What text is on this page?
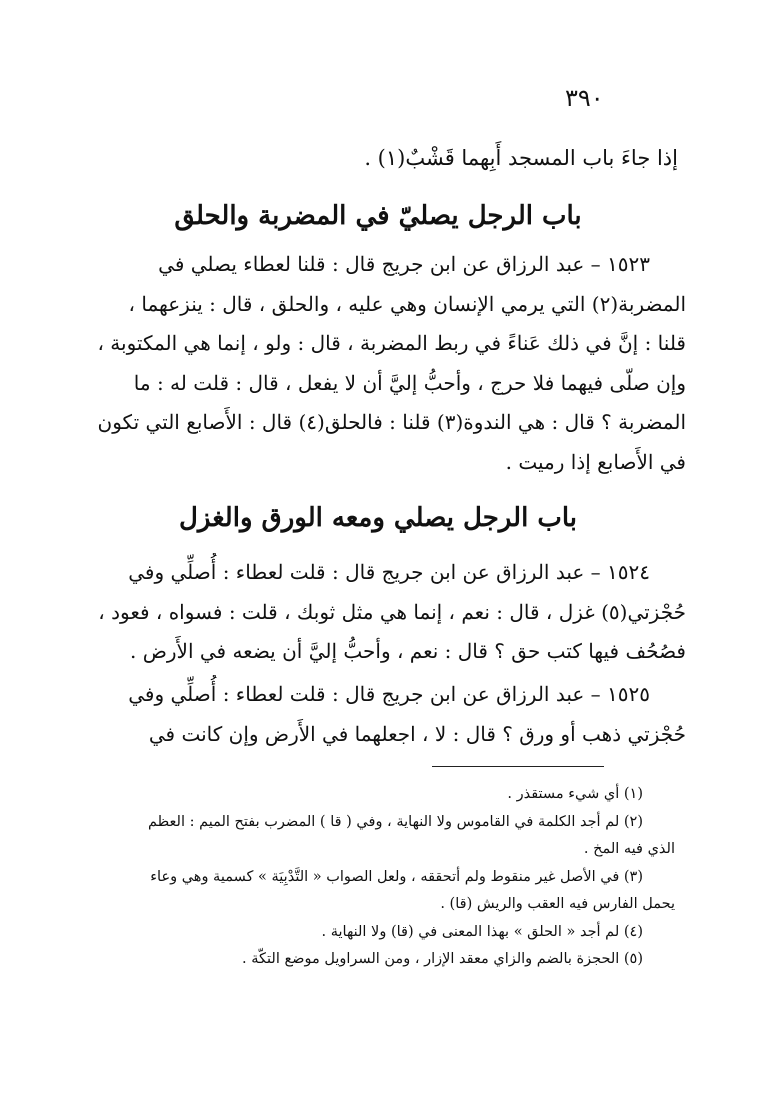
٣٩٠
إذا جاءَ باب المسجد أَبِهما قَشْبٌ(١) .
باب الرجل يصليّ في المضربة والحلق
١٥٢٣ – عبد الرزاق عن ابن جريج قال : قلنا لعطاء يصلي في
المضربة(٢) التي يرمي الإنسان وهي عليه ، والحلق ، قال : ينزعهما ،
قلنا : إنَّ في ذلك عَناءً في ربط المضربة ، قال : ولو ، إنما هي المكتوبة ،
وإن صلّى فيهما فلا حرج ، وأحبُّ إليَّ أن لا يفعل ، قال : قلت له : ما
المضربة ؟ قال : هي الندوة(٣) قلنا : فالحلق(٤) قال : الأَصابع التي تكون
في الأَصابع إذا رميت .
باب الرجل يصلي ومعه الورق والغزل
١٥٢٤ – عبد الرزاق عن ابن جريج قال : قلت لعطاء : أُصلِّي وفي
حُجْزتي(٥) غزل ، قال : نعم ، إنما هي مثل ثوبك ، قلت : فسواه ، فعود ،
فصُحُف فيها كتب حق ؟ قال : نعم ، وأحبُّ إليَّ أن يضعه في الأَرض .
١٥٢٥ – عبد الرزاق عن ابن جريج قال : قلت لعطاء : أُصلِّي وفي
حُجْزتي ذهب أو ورق ؟ قال : لا ، اجعلهما في الأَرض وإن كانت في
(١) أي شيء مستقذر .
(٢) لم أجد الكلمة في القاموس ولا النهاية ، وفي ( قا ) المضرب بفتح الميم : العظم
الذي فيه المخ .
(٣) في الأصل غير منقوط ولم أتحققه ، ولعل الصواب « التَّدْبِيَة » كسمية وهي وعاء
يحمل الفارس فيه العقب والريش (قا) .
(٤) لم أجد « الحلق » بهذا المعنى في (قا) ولا النهاية .
(٥) الحجزة بالضم والزاي معقد الإزار ، ومن السراويل موضع التكّة .
